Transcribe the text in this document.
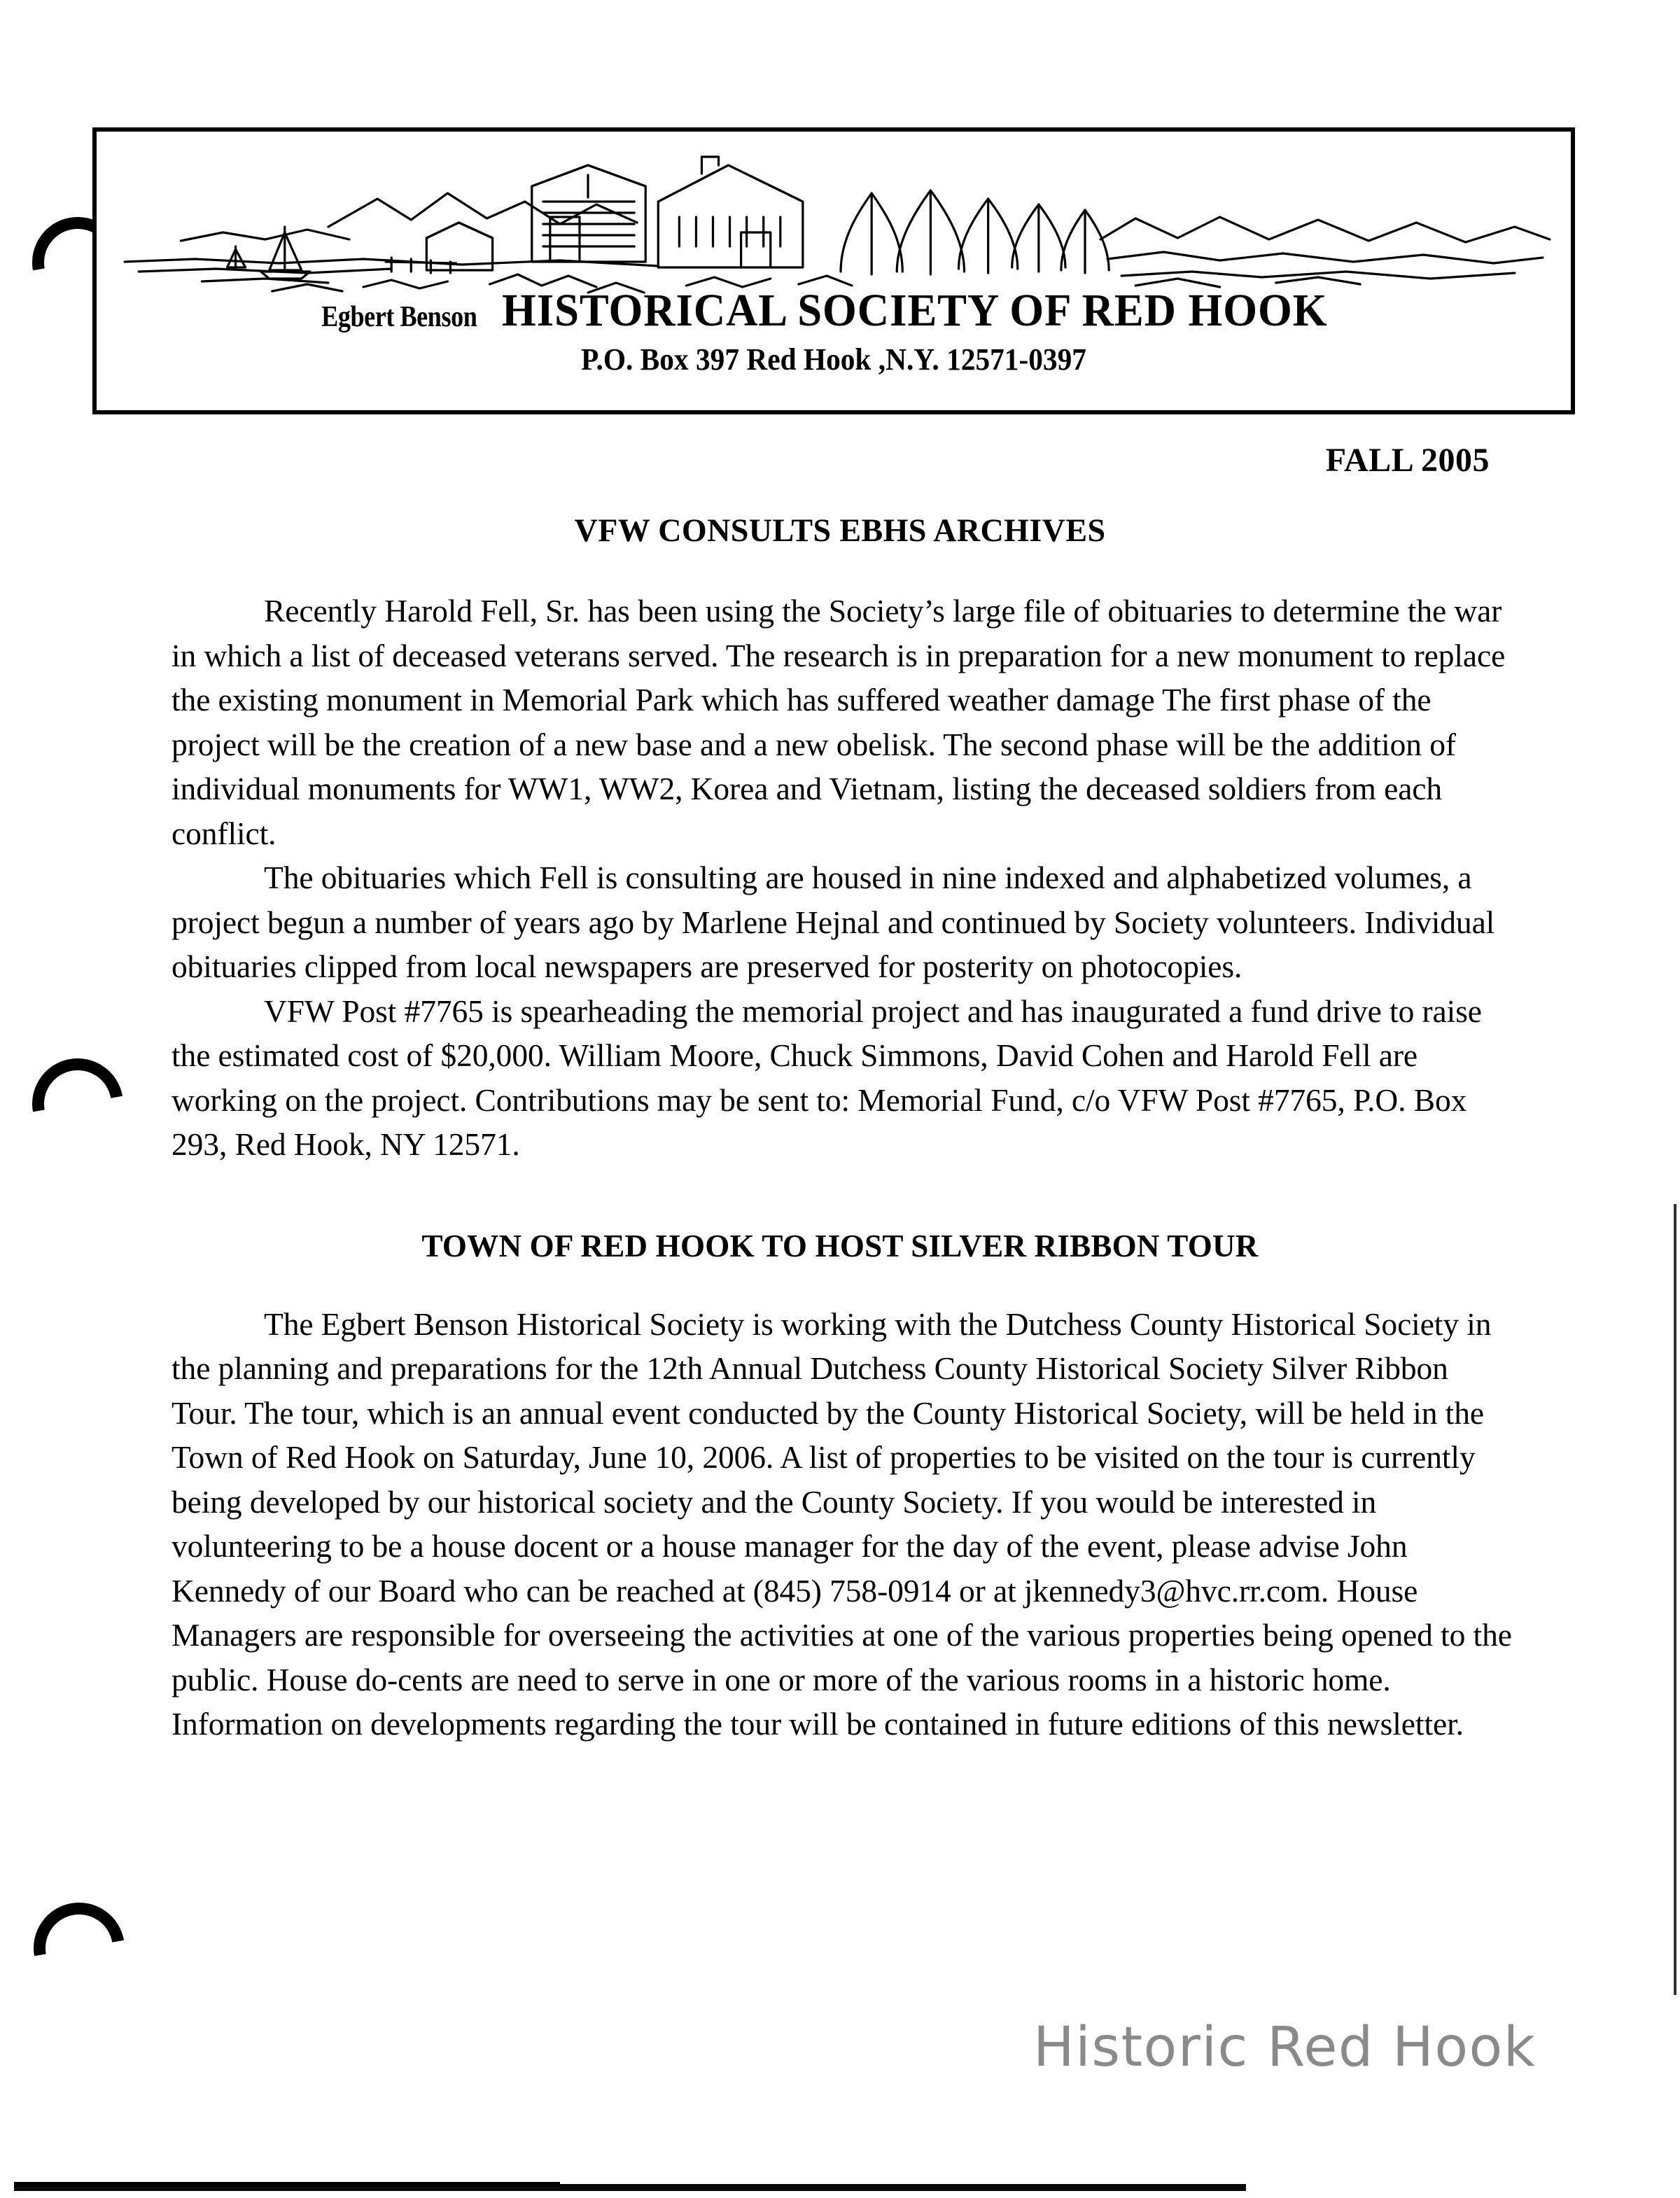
Egbert Benson HISTORICAL SOCIETY OF RED HOOK
P.O. Box 397 Red Hook ,N.Y. 12571-0397
FALL 2005
VFW CONSULTS EBHS ARCHIVES

Recently Harold Fell, Sr. has been using the Society’s large file of obituaries to determine the war in which a list of deceased veterans served. The research is in preparation for a new monument to replace the existing monument in Memorial Park which has suffered weather damage The first phase of the project will be the creation of a new base and a new obelisk. The second phase will be the addition of individual monuments for WW1, WW2, Korea and Vietnam, listing the deceased soldiers from each conflict.

The obituaries which Fell is consulting are housed in nine indexed and alphabetized volumes, a project begun a number of years ago by Marlene Hejnal and continued by Society volunteers. Individual obituaries clipped from local newspapers are preserved for posterity on photocopies.

VFW Post #7765 is spearheading the memorial project and has inaugurated a fund drive to raise the estimated cost of $20,000. William Moore, Chuck Simmons, David Cohen and Harold Fell are working on the project. Contributions may be sent to: Memorial Fund, c/o VFW Post #7765, P.O. Box 293, Red Hook, NY 12571.

TOWN OF RED HOOK TO HOST SILVER RIBBON TOUR

The Egbert Benson Historical Society is working with the Dutchess County Historical Society in the planning and preparations for the 12th Annual Dutchess County Historical Society Silver Ribbon Tour. The tour, which is an annual event conducted by the County Historical Society, will be held in the Town of Red Hook on Saturday, June 10, 2006. A list of properties to be visited on the tour is currently being developed by our historical society and the County Society. If you would be interested in volunteering to be a house docent or a house manager for the day of the event, please advise John Kennedy of our Board who can be reached at (845) 758-0914 or at jkennedy3@hvc.rr.com. House Managers are responsible for overseeing the activities at one of the various properties being opened to the public. House do-cents are need to serve in one or more of the various rooms in a historic home. Information on developments regarding the tour will be contained in future editions of this newsletter.

Historic Red Hook
